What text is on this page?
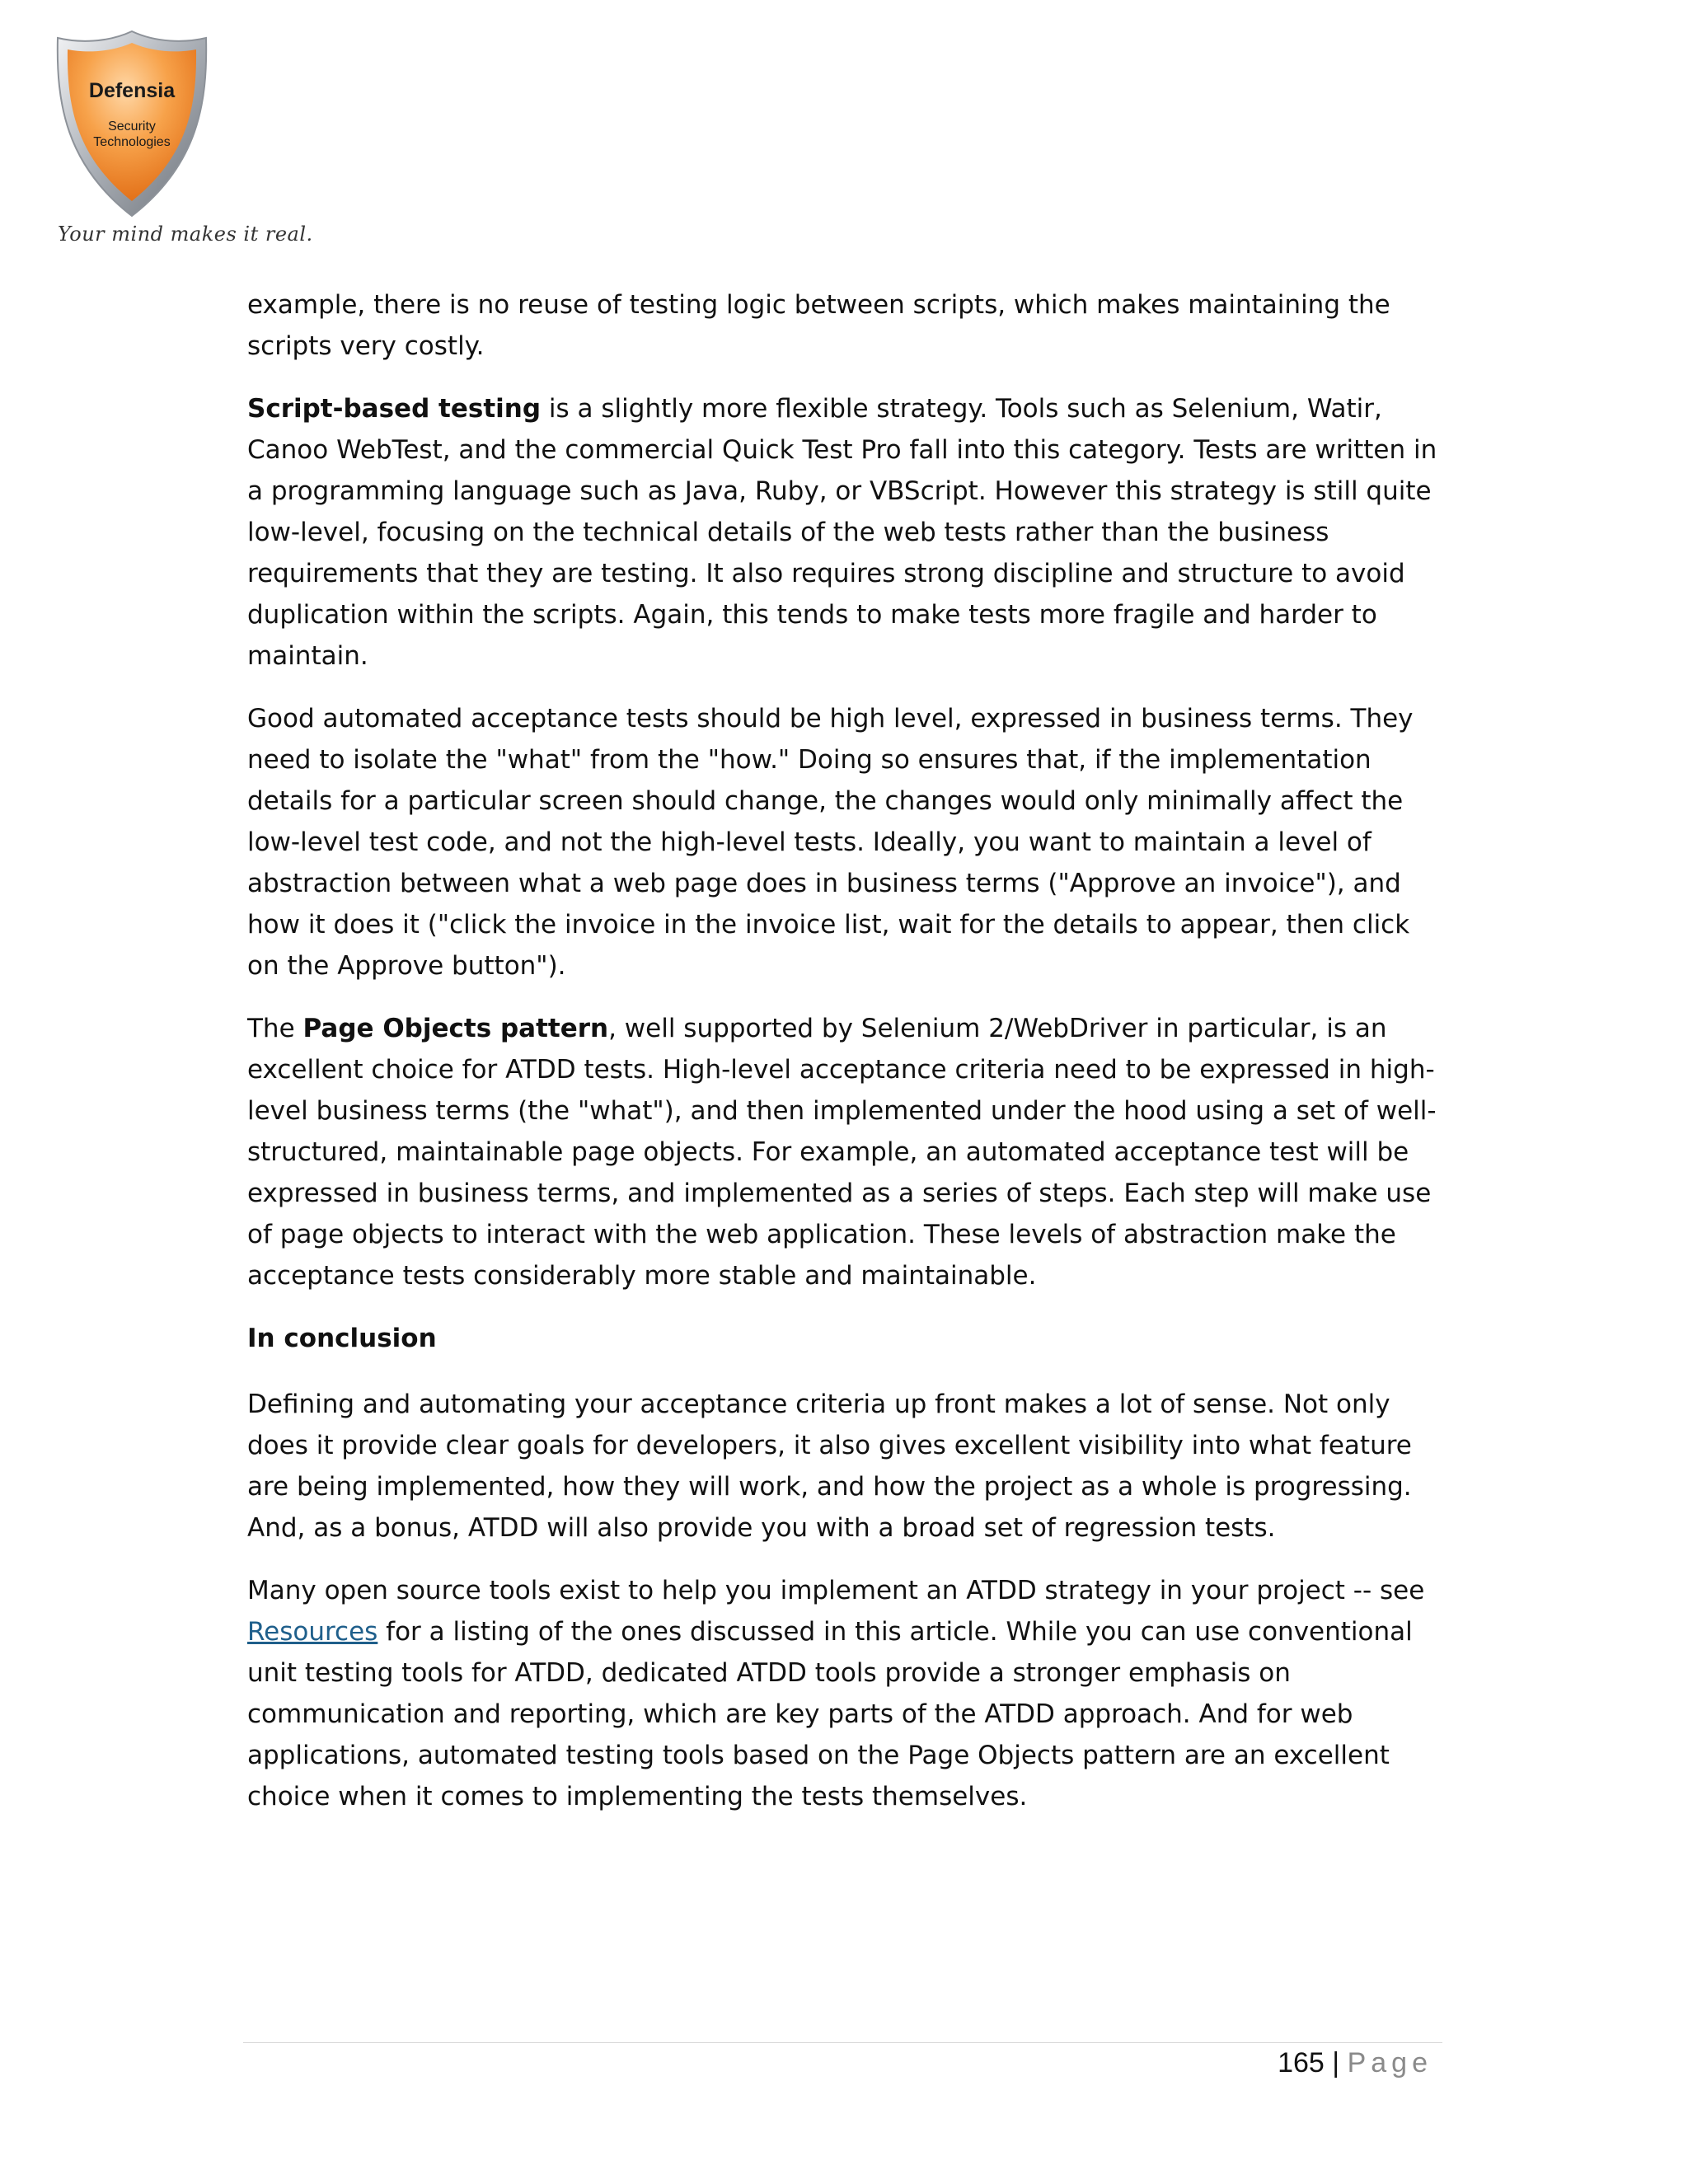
Defensia
Security
Technologies
Your mind makes it real.

example, there is no reuse of testing logic between scripts, which makes maintaining the scripts very costly.

Script-based testing is a slightly more flexible strategy. Tools such as Selenium, Watir, Canoo WebTest, and the commercial Quick Test Pro fall into this category. Tests are written in a programming language such as Java, Ruby, or VBScript. However this strategy is still quite low-level, focusing on the technical details of the web tests rather than the business requirements that they are testing. It also requires strong discipline and structure to avoid duplication within the scripts. Again, this tends to make tests more fragile and harder to maintain.

Good automated acceptance tests should be high level, expressed in business terms. They need to isolate the "what" from the "how." Doing so ensures that, if the implementation details for a particular screen should change, the changes would only minimally affect the low-level test code, and not the high-level tests. Ideally, you want to maintain a level of abstraction between what a web page does in business terms ("Approve an invoice"), and how it does it ("click the invoice in the invoice list, wait for the details to appear, then click on the Approve button").

The Page Objects pattern, well supported by Selenium 2/WebDriver in particular, is an excellent choice for ATDD tests. High-level acceptance criteria need to be expressed in high-level business terms (the "what"), and then implemented under the hood using a set of well-structured, maintainable page objects. For example, an automated acceptance test will be expressed in business terms, and implemented as a series of steps. Each step will make use of page objects to interact with the web application. These levels of abstraction make the acceptance tests considerably more stable and maintainable.

In conclusion

Defining and automating your acceptance criteria up front makes a lot of sense. Not only does it provide clear goals for developers, it also gives excellent visibility into what feature are being implemented, how they will work, and how the project as a whole is progressing. And, as a bonus, ATDD will also provide you with a broad set of regression tests.

Many open source tools exist to help you implement an ATDD strategy in your project -- see Resources for a listing of the ones discussed in this article. While you can use conventional unit testing tools for ATDD, dedicated ATDD tools provide a stronger emphasis on communication and reporting, which are key parts of the ATDD approach. And for web applications, automated testing tools based on the Page Objects pattern are an excellent choice when it comes to implementing the tests themselves.

165 | Page
